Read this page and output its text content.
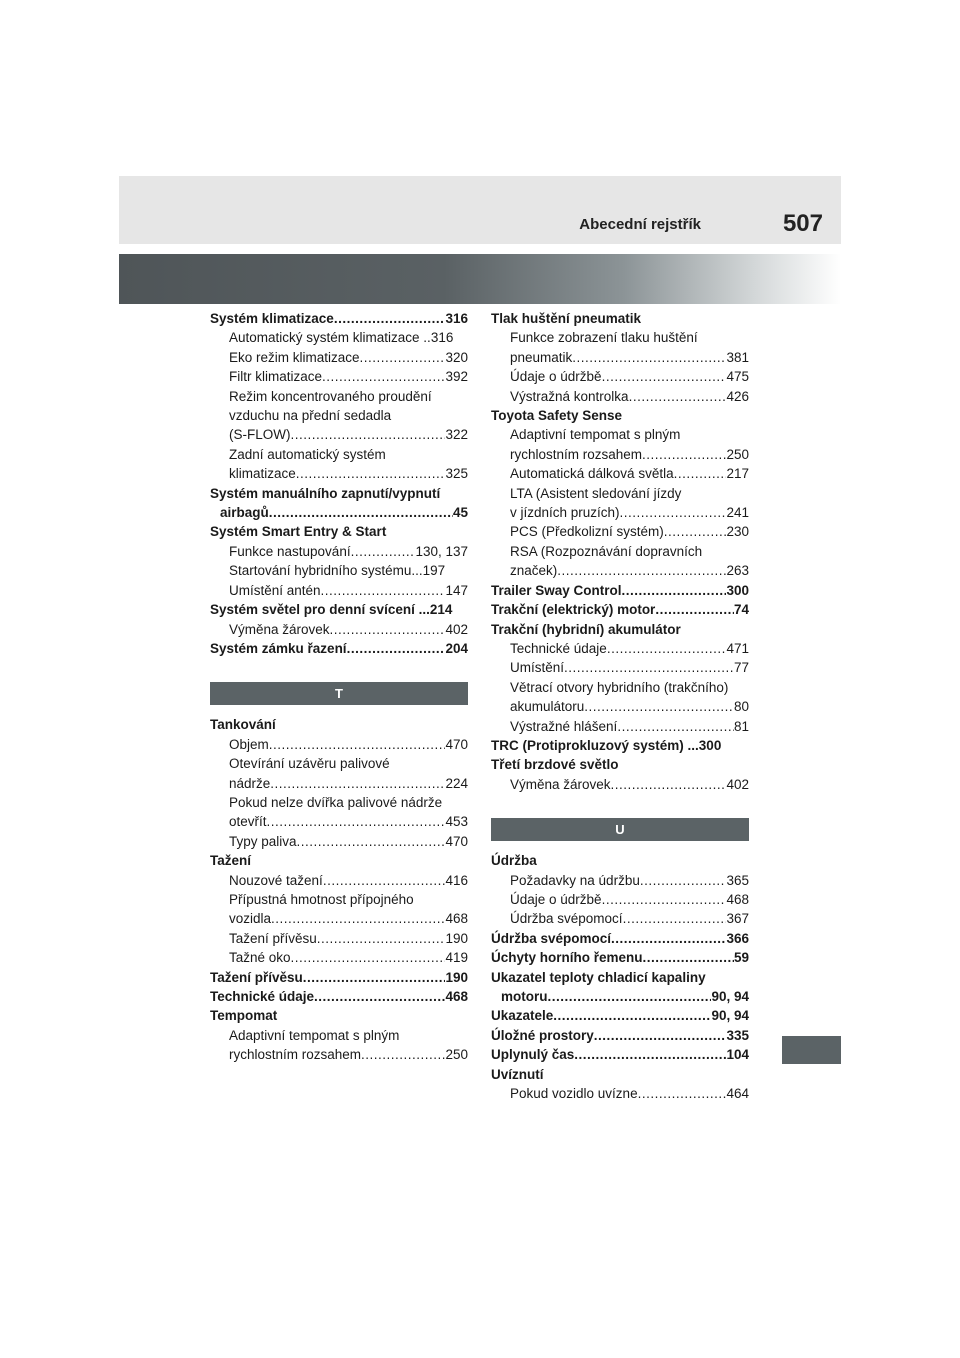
Abecední rejstřík	507
Systém klimatizace .....	316
Automatický systém klimatizace .. 316
Eko režim klimatizace .....	320
Filtr klimatizace .....	392
Režim koncentrovaného proudění
vzduchu na přední sedadla
(S-FLOW) .....	322
Zadní automatický systém
klimatizace .....	325
Systém manuálního zapnutí/vypnutí
airbagů .....	45
Systém Smart Entry & Start
Funkce nastupování .....	130, 137
Startování hybridního systému... 197
Umístění antén .....	147
Systém světel pro denní svícení ... 214
Výměna žárovek .....	402
Systém zámku řazení .....	204
T
Tankování
Objem .....	470
Otevírání uzávěru palivové
nádrže .....	224
Pokud nelze dvířka palivové nádrže
otevřít .....	453
Typy paliva .....	470
Tažení
Nouzové tažení .....	416
Přípustná hmotnost přípojného
vozidla .....	468
Tažení přívěsu .....	190
Tažné oko .....	419
Tažení přívěsu .....	190
Technické údaje .....	468
Tempomat
Adaptivní tempomat s plným
rychlostním rozsahem .....	250
Tlak huštění pneumatik
Funkce zobrazení tlaku huštění
pneumatik .....	381
Údaje o údržbě .....	475
Výstražná kontrolka .....	426
Toyota Safety Sense
Adaptivní tempomat s plným
rychlostním rozsahem .....	250
Automatická dálková světla .....	217
LTA (Asistent sledování jízdy
v jízdních pruzích) .....	241
PCS (Předkolizní systém) .....	230
RSA (Rozpoznávání dopravních
značek) .....	263
Trailer Sway Control .....	300
Trakční (elektrický) motor .....	74
Trakční (hybridní) akumulátor
Technické údaje .....	471
Umístění .....	77
Větrací otvory hybridního (trakčního)
akumulátoru .....	80
Výstražné hlášení .....	81
TRC (Protiprokluzový systém) ... 300
Třetí brzdové světlo
Výměna žárovek .....	402
U
Údržba
Požadavky na údržbu .....	365
Údaje o údržbě .....	468
Údržba svépomocí .....	367
Údržba svépomocí .....	366
Úchyty horního řemenu .....	59
Ukazatel teploty chladicí kapaliny
motoru .....	90, 94
Ukazatele .....	90, 94
Úložné prostory .....	335
Uplynulý čas .....	104
Uvíznutí
Pokud vozidlo uvízne .....	464
